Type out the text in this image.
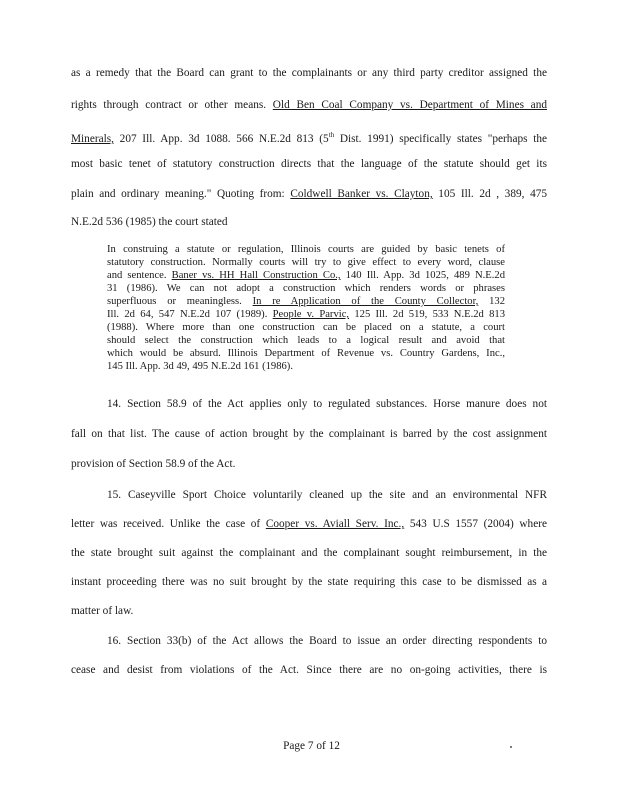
as a remedy that the Board can grant to the complainants or any third party creditor assigned the
rights through contract or other means. Old Ben Coal Company vs. Department of Mines and
Minerals, 207 Ill. App. 3d 1088. 566 N.E.2d 813 (5th Dist. 1991) specifically states "perhaps the
most basic tenet of statutory construction directs that the language of the statute should get its
plain and ordinary meaning." Quoting from: Coldwell Banker vs. Clayton, 105 Ill. 2d , 389, 475
N.E.2d 536 (1985) the court stated
In construing a statute or regulation, Illinois courts are guided by basic tenets of
statutory construction. Normally courts will try to give effect to every word, clause
and sentence. Baner vs. HH Hall Construction Co., 140 Ill. App. 3d 1025, 489 N.E.2d
31 (1986). We can not adopt a construction which renders words or phrases
superfluous or meaningless. In re Application of the County Collector, 132
Ill. 2d 64, 547 N.E.2d 107 (1989). People v. Parvic, 125 Ill. 2d 519, 533 N.E.2d 813
(1988). Where more than one construction can be placed on a statute, a court
should select the construction which leads to a logical result and avoid that
which would be absurd. Illinois Department of Revenue vs. Country Gardens, Inc.,
145 Ill. App. 3d 49, 495 N.E.2d 161 (1986).
14. Section 58.9 of the Act applies only to regulated substances. Horse manure does not
fall on that list. The cause of action brought by the complainant is barred by the cost assignment
provision of Section 58.9 of the Act.
15. Caseyville Sport Choice voluntarily cleaned up the site and an environmental NFR
letter was received. Unlike the case of Cooper vs. Aviall Serv. Inc., 543 U.S 1557 (2004) where
the state brought suit against the complainant and the complainant sought reimbursement, in the
instant proceeding there was no suit brought by the state requiring this case to be dismissed as a
matter of law.
16. Section 33(b) of the Act allows the Board to issue an order directing respondents to
cease and desist from violations of the Act. Since there are no on-going activities, there is
Page 7 of 12
